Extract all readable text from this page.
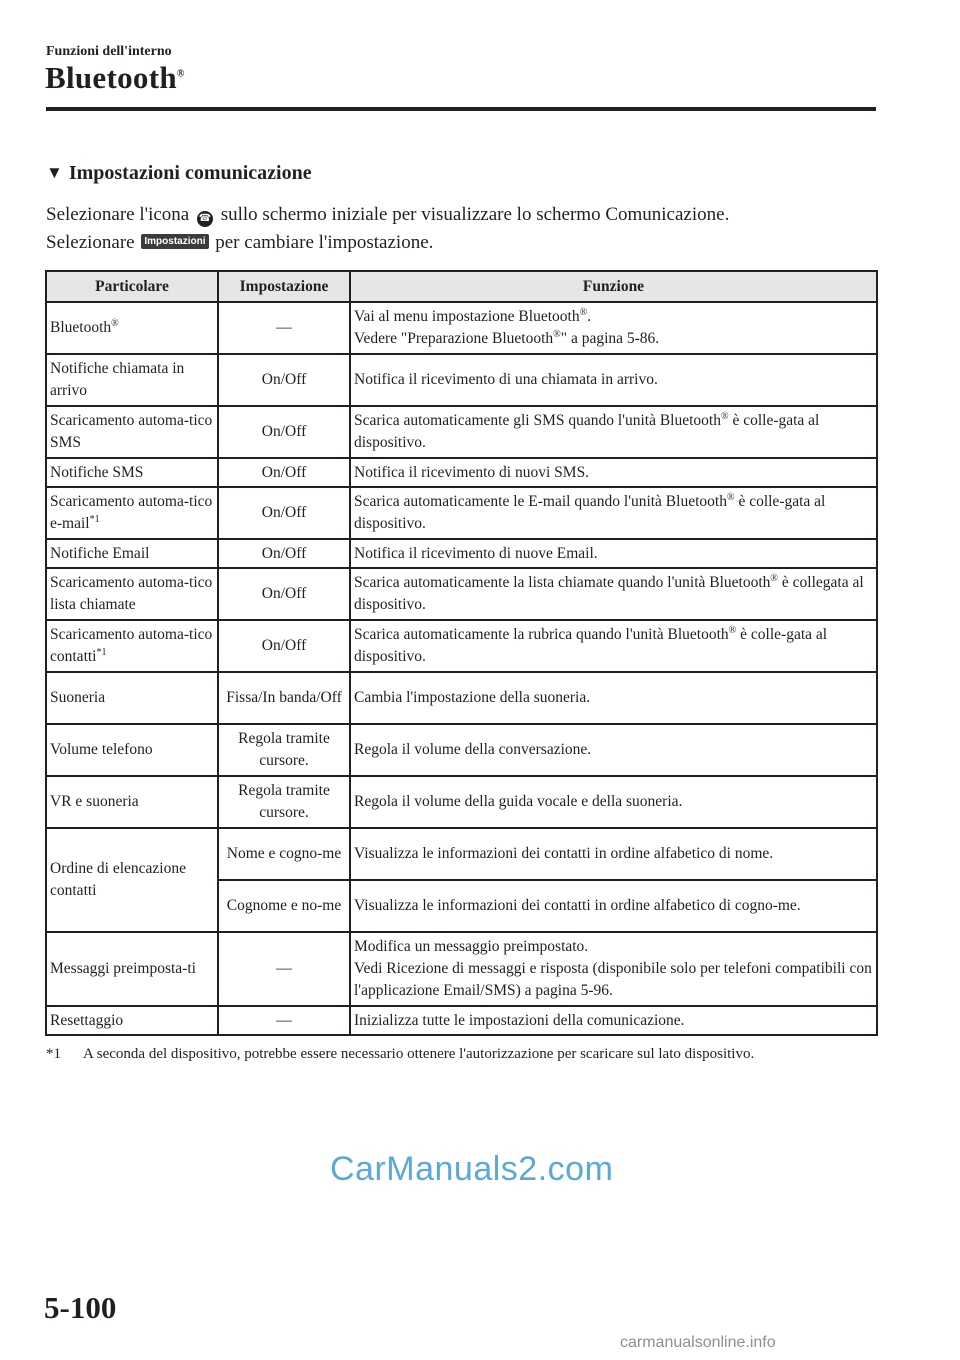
Funzioni dell'interno
Bluetooth®
▼ Impostazioni comunicazione
Selezionare l'icona ☎ sullo schermo iniziale per visualizzare lo schermo Comunicazione.
Selezionare Impostazioni per cambiare l'impostazione.
Particolare	Impostazione	Funzione
Bluetooth®	—	Vai al menu impostazione Bluetooth®.
Vedere "Preparazione Bluetooth®" a pagina 5-86.
Notifiche chiamata in arrivo	On/Off	Notifica il ricevimento di una chiamata in arrivo.
Scaricamento automa-tico SMS	On/Off	Scarica automaticamente gli SMS quando l'unità Bluetooth® è colle-gata al dispositivo.
Notifiche SMS	On/Off	Notifica il ricevimento di nuovi SMS.
Scaricamento automa-tico e-mail$^{*1}$	On/Off	Scarica automaticamente le E-mail quando l'unità Bluetooth® è colle-gata al dispositivo.
Notifiche Email	On/Off	Notifica il ricevimento di nuove Email.
Scaricamento automa-tico lista chiamate	On/Off	Scarica automaticamente la lista chiamate quando l'unità Bluetooth® è collegata al dispositivo.
Scaricamento automa-tico contatti$^{*1}$	On/Off	Scarica automaticamente la rubrica quando l'unità Bluetooth® è colle-gata al dispositivo.
Suoneria	Fissa/In banda/Off	Cambia l'impostazione della suoneria.
Volume telefono	Regola tramite cursore.	Regola il volume della conversazione.
VR e suoneria	Regola tramite cursore.	Regola il volume della guida vocale e della suoneria.
Ordine di elencazione contatti	Nome e cogno-me	Visualizza le informazioni dei contatti in ordine alfabetico di nome.
	Cognome e no-me	Visualizza le informazioni dei contatti in ordine alfabetico di cogno-me.
Messaggi preimposta-ti	—	Modifica un messaggio preimpostato.
Vedi Ricezione di messaggi e risposta (disponibile solo per telefoni compatibili con l'applicazione Email/SMS) a pagina 5-96.
Resettaggio	—	Inizializza tutte le impostazioni della comunicazione.
*1 A seconda del dispositivo, potrebbe essere necessario ottenere l'autorizzazione per scaricare sul lato dispositivo.
CarManuals2.com
5-100
carmanualsonline.info
